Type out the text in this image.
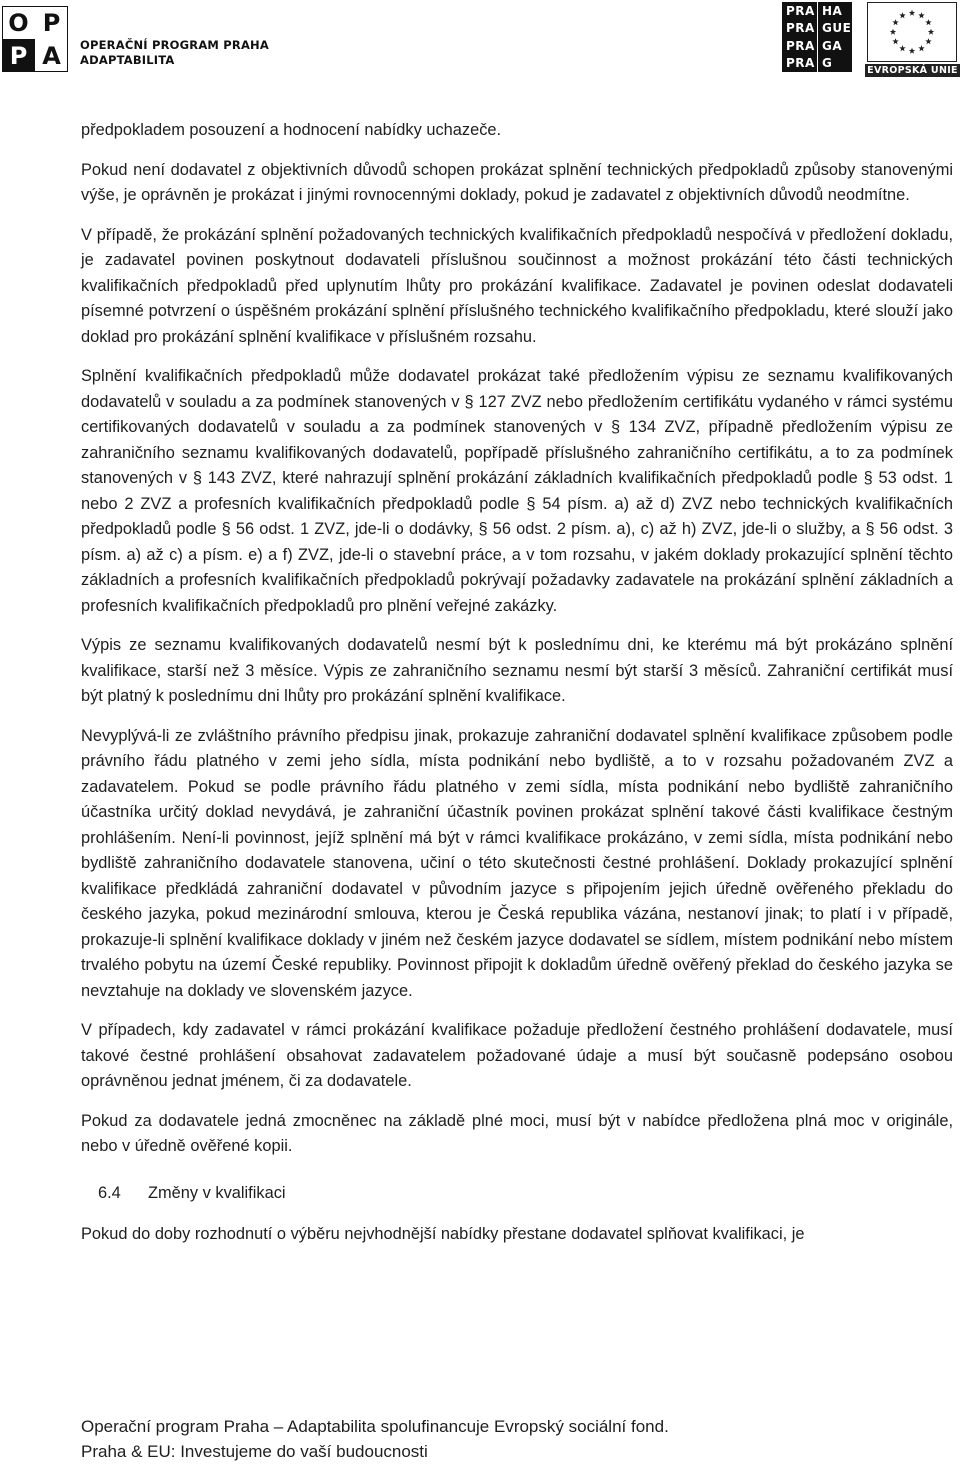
O P
P A	OPERAČNÍ PROGRAM PRAHA
ADAPTABILITA
PRA HA
PRA GUE
PRA GA
PRA G
EVROPSKÁ UNIE

předpokladem posouzení a hodnocení nabídky uchazeče.

Pokud není dodavatel z objektivních důvodů schopen prokázat splnění technických předpokladů způsoby stanovenými výše, je oprávněn je prokázat i jinými rovnocennými doklady, pokud je zadavatel z objektivních důvodů neodmítne.

V případě, že prokázání splnění požadovaných technických kvalifikačních předpokladů nespočívá v předložení dokladu, je zadavatel povinen poskytnout dodavateli příslušnou součinnost a možnost prokázání této části technických kvalifikačních předpokladů před uplynutím lhůty pro prokázání kvalifikace. Zadavatel je povinen odeslat dodavateli písemné potvrzení o úspěšném prokázání splnění příslušného technického kvalifikačního předpokladu, které slouží jako doklad pro prokázání splnění kvalifikace v příslušném rozsahu.

Splnění kvalifikačních předpokladů může dodavatel prokázat také předložením výpisu ze seznamu kvalifikovaných dodavatelů v souladu a za podmínek stanovených v § 127 ZVZ nebo předložením certifikátu vydaného v rámci systému certifikovaných dodavatelů v souladu a za podmínek stanovených v § 134 ZVZ, případně předložením výpisu ze zahraničního seznamu kvalifikovaných dodavatelů, popřípadě příslušného zahraničního certifikátu, a to za podmínek stanovených v § 143 ZVZ, které nahrazují splnění prokázání základních kvalifikačních předpokladů podle § 53 odst. 1 nebo 2 ZVZ a profesních kvalifikačních předpokladů podle § 54 písm. a) až d) ZVZ nebo technických kvalifikačních předpokladů podle § 56 odst. 1 ZVZ, jde-li o dodávky, § 56 odst. 2 písm. a), c) až h) ZVZ, jde-li o služby, a § 56 odst. 3 písm. a) až c) a písm. e) a f) ZVZ, jde-li o stavební práce, a v tom rozsahu, v jakém doklady prokazující splnění těchto základních a profesních kvalifikačních předpokladů pokrývají požadavky zadavatele na prokázání splnění základních a profesních kvalifikačních předpokladů pro plnění veřejné zakázky.

Výpis ze seznamu kvalifikovaných dodavatelů nesmí být k poslednímu dni, ke kterému má být prokázáno splnění kvalifikace, starší než 3 měsíce. Výpis ze zahraničního seznamu nesmí být starší 3 měsíců. Zahraniční certifikát musí být platný k poslednímu dni lhůty pro prokázání splnění kvalifikace.

Nevyplývá-li ze zvláštního právního předpisu jinak, prokazuje zahraniční dodavatel splnění kvalifikace způsobem podle právního řádu platného v zemi jeho sídla, místa podnikání nebo bydliště, a to v rozsahu požadovaném ZVZ a zadavatelem. Pokud se podle právního řádu platného v zemi sídla, místa podnikání nebo bydliště zahraničního účastníka určitý doklad nevydává, je zahraniční účastník povinen prokázat splnění takové části kvalifikace čestným prohlášením. Není-li povinnost, jejíž splnění má být v rámci kvalifikace prokázáno, v zemi sídla, místa podnikání nebo bydliště zahraničního dodavatele stanovena, učiní o této skutečnosti čestné prohlášení. Doklady prokazující splnění kvalifikace předkládá zahraniční dodavatel v původním jazyce s připojením jejich úředně ověřeného překladu do českého jazyka, pokud mezinárodní smlouva, kterou je Česká republika vázána, nestanoví jinak; to platí i v případě, prokazuje-li splnění kvalifikace doklady v jiném než českém jazyce dodavatel se sídlem, místem podnikání nebo místem trvalého pobytu na území České republiky. Povinnost připojit k dokladům úředně ověřený překlad do českého jazyka se nevztahuje na doklady ve slovenském jazyce.

V případech, kdy zadavatel v rámci prokázání kvalifikace požaduje předložení čestného prohlášení dodavatele, musí takové čestné prohlášení obsahovat zadavatelem požadované údaje a musí být současně podepsáno osobou oprávněnou jednat jménem, či za dodavatele.

Pokud za dodavatele jedná zmocněnec na základě plné moci, musí být v nabídce předložena plná moc v originále, nebo v úředně ověřené kopii.

6.4	Změny v kvalifikaci

Pokud do doby rozhodnutí o výběru nejvhodnější nabídky přestane dodavatel splňovat kvalifikaci, je

Operační program Praha – Adaptabilita spolufinancuje Evropský sociální fond.
Praha & EU: Investujeme do vaší budoucnosti
